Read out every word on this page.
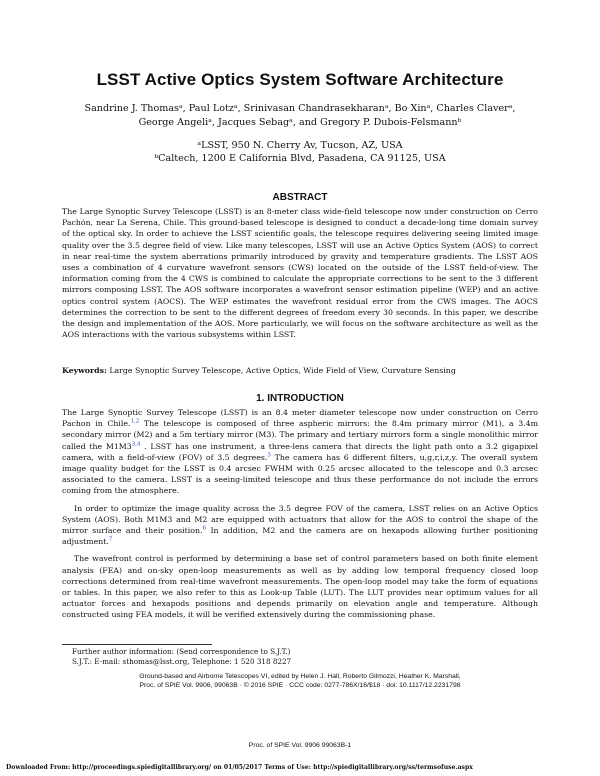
LSST Active Optics System Software Architecture
Sandrine J. Thomasᵃ, Paul Lotzᵃ, Srinivasan Chandrasekharanᵃ, Bo Xinᵃ, Charles Claverᵃ,
George Angeliᵃ, Jacques Sebagᵃ, and Gregory P. Dubois-Felsmannᵇ
ᵃLSST, 950 N. Cherry Av, Tucson, AZ, USA
ᵇCaltech, 1200 E California Blvd, Pasadena, CA 91125, USA
ABSTRACT
The Large Synoptic Survey Telescope (LSST) is an 8-meter class wide-field telescope now under construction on Cerro Pachón, near La Serena, Chile. This ground-based telescope is designed to conduct a decade-long time domain survey of the optical sky. In order to achieve the LSST scientific goals, the telescope requires delivering seeing limited image quality over the 3.5 degree field of view. Like many telescopes, LSST will use an Active Optics System (AOS) to correct in near real-time the system aberrations primarily introduced by gravity and temperature gradients. The LSST AOS uses a combination of 4 curvature wavefront sensors (CWS) located on the outside of the LSST field-of-view. The information coming from the 4 CWS is combined to calculate the appropriate corrections to be sent to the 3 different mirrors composing LSST. The AOS software incorporates a wavefront sensor estimation pipeline (WEP) and an active optics control system (AOCS). The WEP estimates the wavefront residual error from the CWS images. The AOCS determines the correction to be sent to the different degrees of freedom every 30 seconds. In this paper, we describe the design and implementation of the AOS. More particularly, we will focus on the software architecture as well as the AOS interactions with the various subsystems within LSST.
Keywords: Large Synoptic Survey Telescope, Active Optics, Wide Field of View, Curvature Sensing
1. INTRODUCTION

The Large Synoptic Survey Telescope (LSST) is an 8.4 meter diameter telescope now under construction on Cerro Pachon in Chile.$^{1,2}$ The telescope is composed of three aspheric mirrors: the 8.4m primary mirror (M1), a 3.4m secondary mirror (M2) and a 5m tertiary mirror (M3). The primary and tertiary mirrors form a single monolithic mirror called the M1M3$^{3,4}$ . LSST has one instrument, a three-lens camera that directs the light path onto a 3.2 gigapixel camera, with a field-of-view (FOV) of 3.5 degrees.$^5$ The camera has 6 different filters, u,g,r,i,z,y. The overall system image quality budget for the LSST is 0.4 arcsec FWHM with 0.25 arcsec allocated to the telescope and 0.3 arcsec associated to the camera. LSST is a seeing-limited telescope and thus these performance do not include the errors coming from the atmosphere.

In order to optimize the image quality across the 3.5 degree FOV of the camera, LSST relies on an Active Optics System (AOS). Both M1M3 and M2 are equipped with actuators that allow for the AOS to control the shape of the mirror surface and their position.$^6$ In addition, M2 and the camera are on hexapods allowing further positioning adjustment.$^7$

The wavefront control is performed by determining a base set of control parameters based on both finite element analysis (FEA) and on-sky open-loop measurements as well as by adding low temporal frequency closed loop corrections determined from real-time wavefront measurements. The open-loop model may take the form of equations or tables. In this paper, we also refer to this as Look-up Table (LUT). The LUT provides near optimum values for all actuator forces and hexapods positions and depends primarily on elevation angle and temperature. Although constructed using FEA models, it will be verified extensively during the commissioning phase.

Further author information: (Send correspondence to S.J.T.)
S.J.T.: E-mail: sthomas@lsst.org, Telephone: 1 520 318 8227
Ground-based and Airborne Telescopes VI, edited by Helen J. Hall, Roberto Gilmozzi, Heather K. Marshall,
Proc. of SPIE Vol. 9906, 99063B · © 2016 SPIE · CCC code: 0277-786X/16/$18 · doi: 10.1117/12.2231798
Proc. of SPIE Vol. 9906 99063B-1
Downloaded From: http://proceedings.spiedigitallibrary.org/ on 01/05/2017 Terms of Use: http://spiedigitallibrary.org/ss/termsofuse.aspx
